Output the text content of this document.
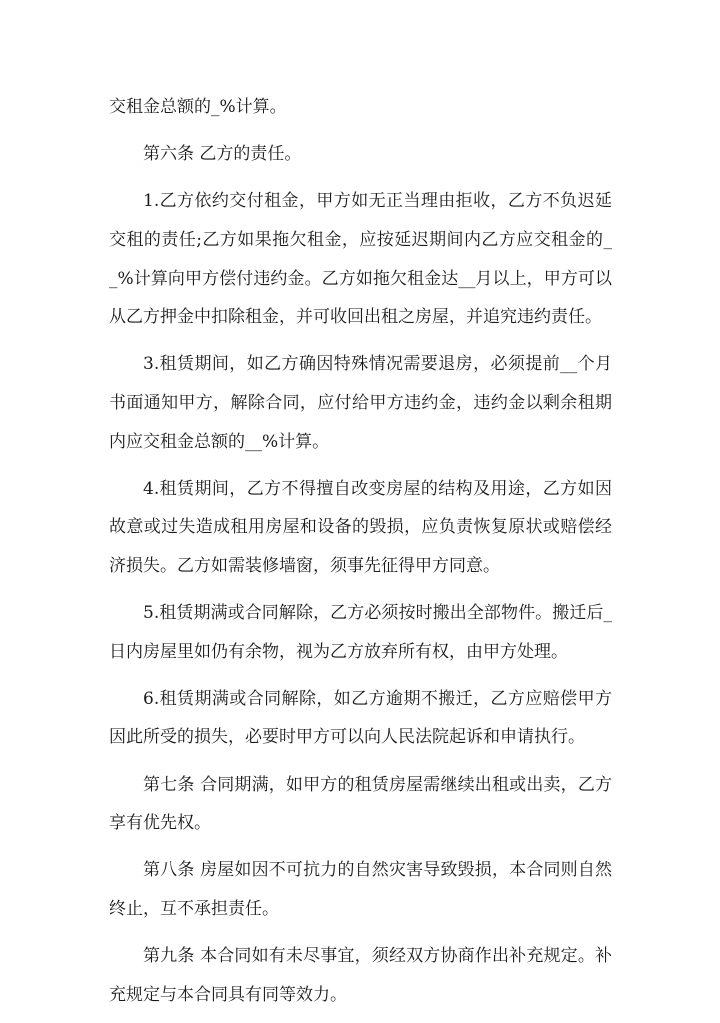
交租金总额的_%计算。

第六条 乙方的责任。

1.乙方依约交付租金，甲方如无正当理由拒收，乙方不负迟延交租的责任;乙方如果拖欠租金，应按延迟期间内乙方应交租金的__%计算向甲方偿付违约金。乙方如拖欠租金达__月以上，甲方可以从乙方押金中扣除租金，并可收回出租之房屋，并追究违约责任。

3.租赁期间，如乙方确因特殊情况需要退房，必须提前__个月书面通知甲方，解除合同，应付给甲方违约金，违约金以剩余租期内应交租金总额的__%计算。

4.租赁期间，乙方不得擅自改变房屋的结构及用途，乙方如因故意或过失造成租用房屋和设备的毁损，应负责恢复原状或赔偿经济损失。乙方如需装修墙窗，须事先征得甲方同意。

5.租赁期满或合同解除，乙方必须按时搬出全部物件。搬迁后_日内房屋里如仍有余物，视为乙方放弃所有权，由甲方处理。

6.租赁期满或合同解除，如乙方逾期不搬迁，乙方应赔偿甲方因此所受的损失，必要时甲方可以向人民法院起诉和申请执行。

第七条 合同期满，如甲方的租赁房屋需继续出租或出卖，乙方享有优先权。

第八条 房屋如因不可抗力的自然灾害导致毁损，本合同则自然终止，互不承担责任。

第九条 本合同如有未尽事宜，须经双方协商作出补充规定。补充规定与本合同具有同等效力。
